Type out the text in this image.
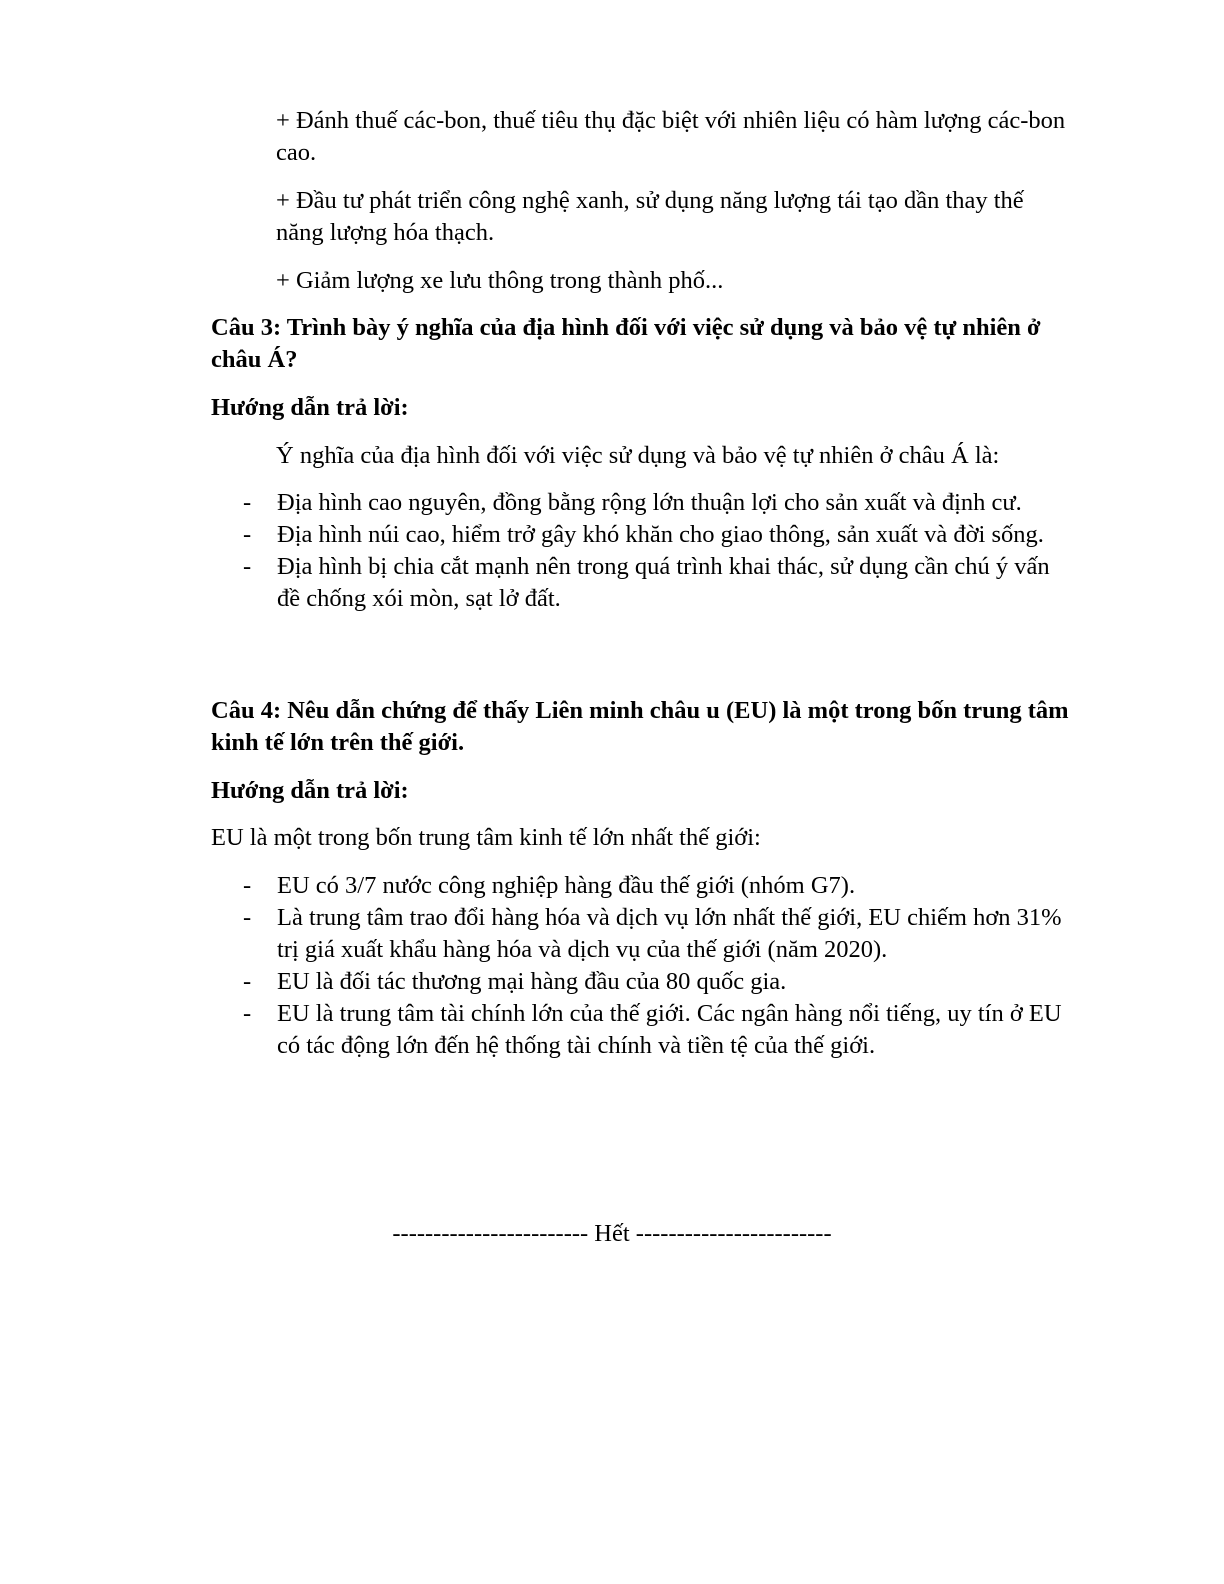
+ Đánh thuế các-bon, thuế tiêu thụ đặc biệt với nhiên liệu có hàm lượng các-bon cao.

+ Đầu tư phát triển công nghệ xanh, sử dụng năng lượng tái tạo dần thay thế năng lượng hóa thạch.

+ Giảm lượng xe lưu thông trong thành phố...

Câu 3: Trình bày ý nghĩa của địa hình đối với việc sử dụng và bảo vệ tự nhiên ở châu Á?

Hướng dẫn trả lời:

Ý nghĩa của địa hình đối với việc sử dụng và bảo vệ tự nhiên ở châu Á là:

- Địa hình cao nguyên, đồng bằng rộng lớn thuận lợi cho sản xuất và định cư.
- Địa hình núi cao, hiểm trở gây khó khăn cho giao thông, sản xuất và đời sống.
- Địa hình bị chia cắt mạnh nên trong quá trình khai thác, sử dụng cần chú ý vấn đề chống xói mòn, sạt lở đất.

Câu 4: Nêu dẫn chứng để thấy Liên minh châu u (EU) là một trong bốn trung tâm kinh tế lớn trên thế giới.

Hướng dẫn trả lời:

EU là một trong bốn trung tâm kinh tế lớn nhất thế giới:

- EU có 3/7 nước công nghiệp hàng đầu thế giới (nhóm G7).
- Là trung tâm trao đổi hàng hóa và dịch vụ lớn nhất thế giới, EU chiếm hơn 31% trị giá xuất khẩu hàng hóa và dịch vụ của thế giới (năm 2020).
- EU là đối tác thương mại hàng đầu của 80 quốc gia.
- EU là trung tâm tài chính lớn của thế giới. Các ngân hàng nổi tiếng, uy tín ở EU có tác động lớn đến hệ thống tài chính và tiền tệ của thế giới.
------------------------ Hết ------------------------
